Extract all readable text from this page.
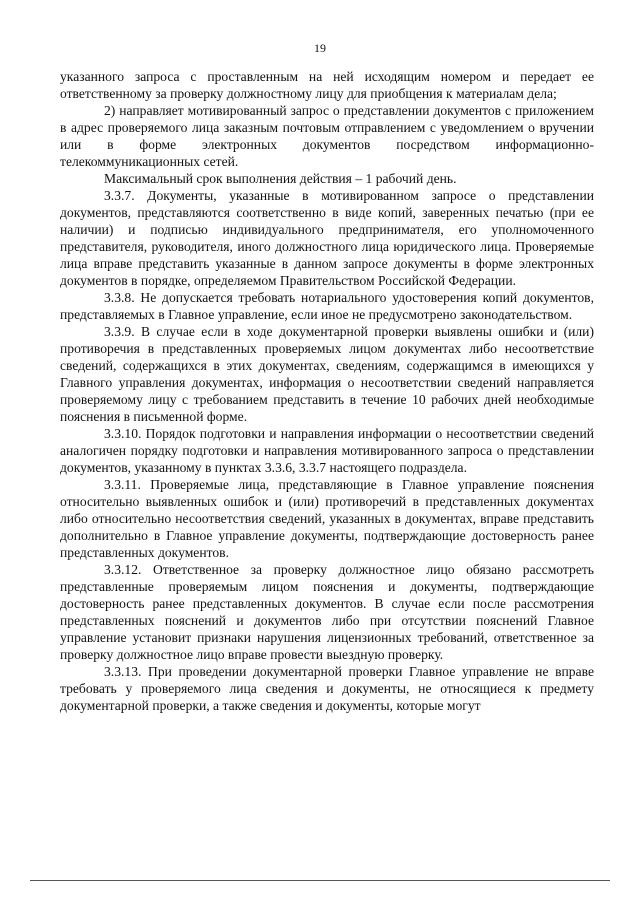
19

указанного запроса с проставленным на ней исходящим номером и передает ее ответственному за проверку должностному лицу для приобщения к материалам дела;

2) направляет мотивированный запрос о представлении документов с приложением в адрес проверяемого лица заказным почтовым отправлением с уведомлением о вручении или в форме электронных документов посредством информационно-телекоммуникационных сетей.

Максимальный срок выполнения действия – 1 рабочий день.

3.3.7. Документы, указанные в мотивированном запросе о представлении документов, представляются соответственно в виде копий, заверенных печатью (при ее наличии) и подписью индивидуального предпринимателя, его уполномоченного представителя, руководителя, иного должностного лица юридического лица. Проверяемые лица вправе представить указанные в данном запросе документы в форме электронных документов в порядке, определяемом Правительством Российской Федерации.

3.3.8. Не допускается требовать нотариального удостоверения копий документов, представляемых в Главное управление, если иное не предусмотрено законодательством.

3.3.9. В случае если в ходе документарной проверки выявлены ошибки и (или) противоречия в представленных проверяемых лицом документах либо несоответствие сведений, содержащихся в этих документах, сведениям, содержащимся в имеющихся у Главного управления документах, информация о несоответствии сведений направляется проверяемому лицу с требованием представить в течение 10 рабочих дней необходимые пояснения в письменной форме.

3.3.10. Порядок подготовки и направления информации о несоответствии сведений аналогичен порядку подготовки и направления мотивированного запроса о представлении документов, указанному в пунктах 3.3.6, 3.3.7 настоящего подраздела.

3.3.11. Проверяемые лица, представляющие в Главное управление пояснения относительно выявленных ошибок и (или) противоречий в представленных документах либо относительно несоответствия сведений, указанных в документах, вправе представить дополнительно в Главное управление документы, подтверждающие достоверность ранее представленных документов.

3.3.12. Ответственное за проверку должностное лицо обязано рассмотреть представленные проверяемым лицом пояснения и документы, подтверждающие достоверность ранее представленных документов. В случае если после рассмотрения представленных пояснений и документов либо при отсутствии пояснений Главное управление установит признаки нарушения лицензионных требований, ответственное за проверку должностное лицо вправе провести выездную проверку.

3.3.13. При проведении документарной проверки Главное управление не вправе требовать у проверяемого лица сведения и документы, не относящиеся к предмету документарной проверки, а также сведения и документы, которые могут
